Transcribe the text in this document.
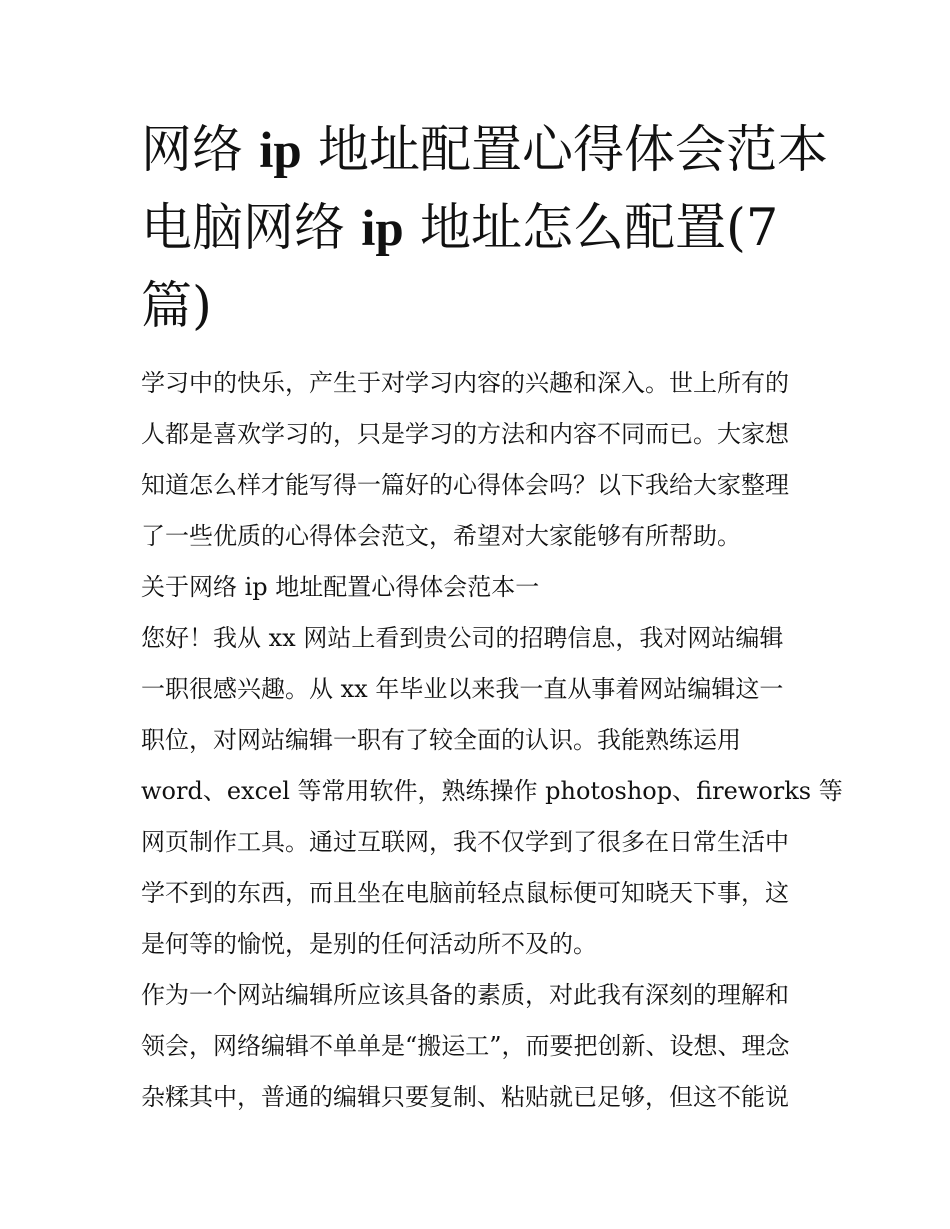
网络 ip 地址配置心得体会范本
电脑网络 ip 地址怎么配置(7
篇)

学习中的快乐，产生于对学习内容的兴趣和深入。世上所有的
人都是喜欢学习的，只是学习的方法和内容不同而已。大家想
知道怎么样才能写得一篇好的心得体会吗？以下我给大家整理
了一些优质的心得体会范文，希望对大家能够有所帮助。

关于网络 ip 地址配置心得体会范本一

您好！我从 xx 网站上看到贵公司的招聘信息，我对网站编辑
一职很感兴趣。从 xx 年毕业以来我一直从事着网站编辑这一
职位，对网站编辑一职有了较全面的认识。我能熟练运用
word、excel 等常用软件，熟练操作 photoshop、fireworks 等
网页制作工具。通过互联网，我不仅学到了很多在日常生活中
学不到的东西，而且坐在电脑前轻点鼠标便可知晓天下事，这
是何等的愉悦，是别的任何活动所不及的。

作为一个网站编辑所应该具备的素质，对此我有深刻的理解和
领会，网络编辑不单单是“搬运工”，而要把创新、设想、理念
杂糅其中，普通的编辑只要复制、粘贴就已足够，但这不能说
